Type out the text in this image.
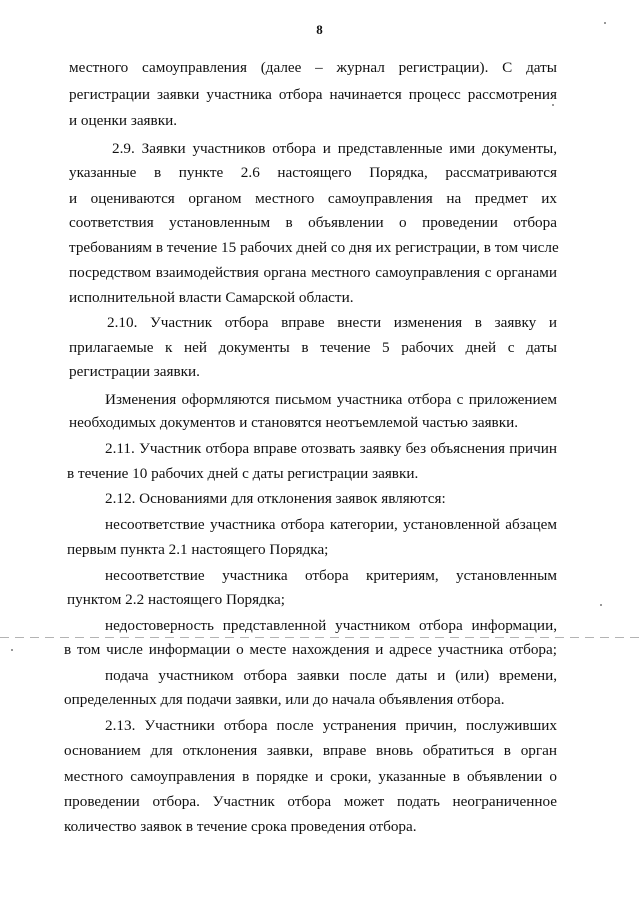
8
местного самоуправления (далее – журнал регистрации). С даты
регистрации заявки участника отбора начинается процесс рассмотрения
и оценки заявки.
2.9. Заявки участников отбора и представленные ими документы,
указанные в пункте 2.6 настоящего Порядка, рассматриваются
и оцениваются органом местного самоуправления на предмет их
соответствия установленным в объявлении о проведении отбора
требованиям в течение 15 рабочих дней со дня их регистрации, в том числе
посредством взаимодействия органа местного самоуправления с органами
исполнительной власти Самарской области.
2.10. Участник отбора вправе внести изменения в заявку и
прилагаемые к ней документы в течение 5 рабочих дней с даты
регистрации заявки.
Изменения оформляются письмом участника отбора с приложением
необходимых документов и становятся неотъемлемой частью заявки.
2.11. Участник отбора вправе отозвать заявку без объяснения причин
в течение 10 рабочих дней с даты регистрации заявки.
2.12. Основаниями для отклонения заявок являются:
несоответствие участника отбора категории, установленной абзацем
первым пункта 2.1 настоящего Порядка;
несоответствие участника отбора критериям, установленным
пунктом 2.2 настоящего Порядка;
недостоверность представленной участником отбора информации,
в том числе информации о месте нахождения и адресе участника отбора;
подача участником отбора заявки после даты и (или) времени,
определенных для подачи заявки, или до начала объявления отбора.
2.13. Участники отбора после устранения причин, послуживших
основанием для отклонения заявки, вправе вновь обратиться в орган
местного самоуправления в порядке и сроки, указанные в объявлении о
проведении отбора. Участник отбора может подать неограниченное
количество заявок в течение срока проведения отбора.
